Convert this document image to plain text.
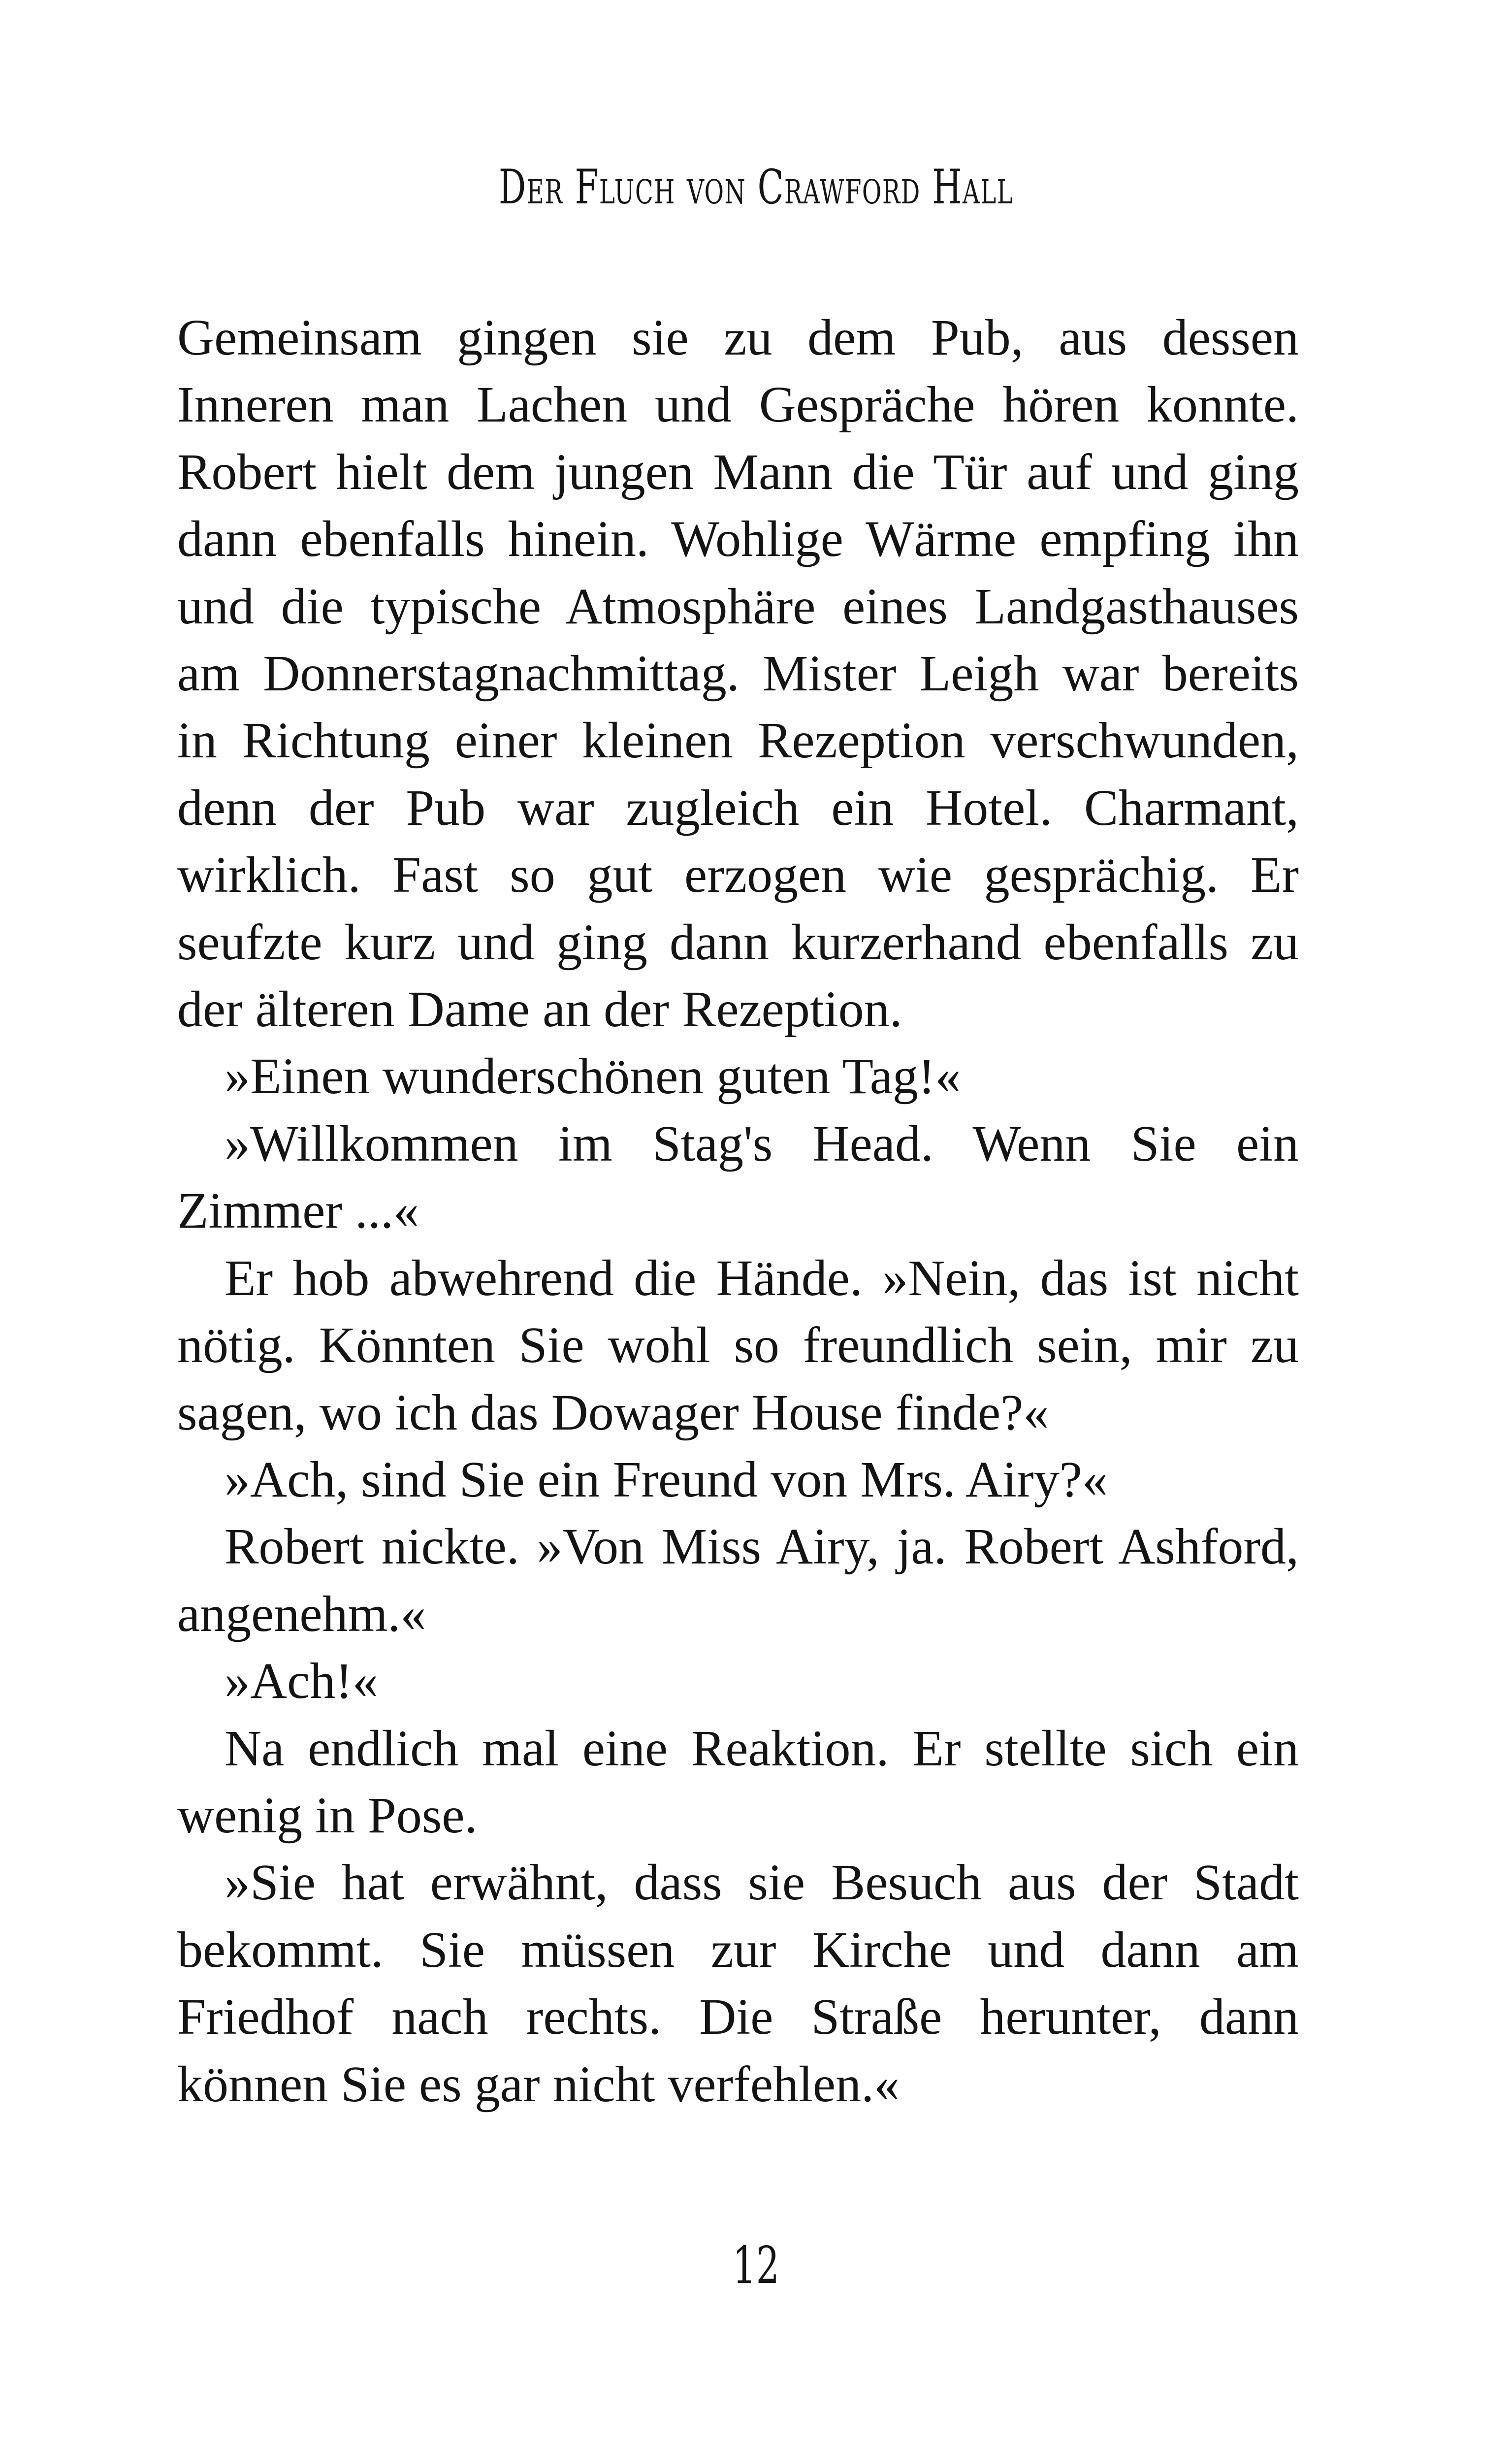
Der Fluch von Crawford Hall

Gemeinsam gingen sie zu dem Pub, aus dessen Inneren man Lachen und Gespräche hören konnte. Robert hielt dem jungen Mann die Tür auf und ging dann ebenfalls hinein. Wohlige Wärme empfing ihn und die typische Atmosphäre eines Landgasthauses am Donnerstagnachmittag. Mister Leigh war bereits in Richtung einer kleinen Rezeption verschwunden, denn der Pub war zugleich ein Hotel. Charmant, wirklich. Fast so gut erzogen wie gesprächig. Er seufzte kurz und ging dann kurzerhand ebenfalls zu der älteren Dame an der Rezeption.

»Einen wunderschönen guten Tag!«

»Willkommen im Stag's Head. Wenn Sie ein Zimmer ...«

Er hob abwehrend die Hände. »Nein, das ist nicht nötig. Könnten Sie wohl so freundlich sein, mir zu sagen, wo ich das Dowager House finde?«

»Ach, sind Sie ein Freund von Mrs. Airy?«

Robert nickte. »Von Miss Airy, ja. Robert Ashford, angenehm.«

»Ach!«

Na endlich mal eine Reaktion. Er stellte sich ein wenig in Pose.

»Sie hat erwähnt, dass sie Besuch aus der Stadt bekommt. Sie müssen zur Kirche und dann am Friedhof nach rechts. Die Straße herunter, dann können Sie es gar nicht verfehlen.«

12
